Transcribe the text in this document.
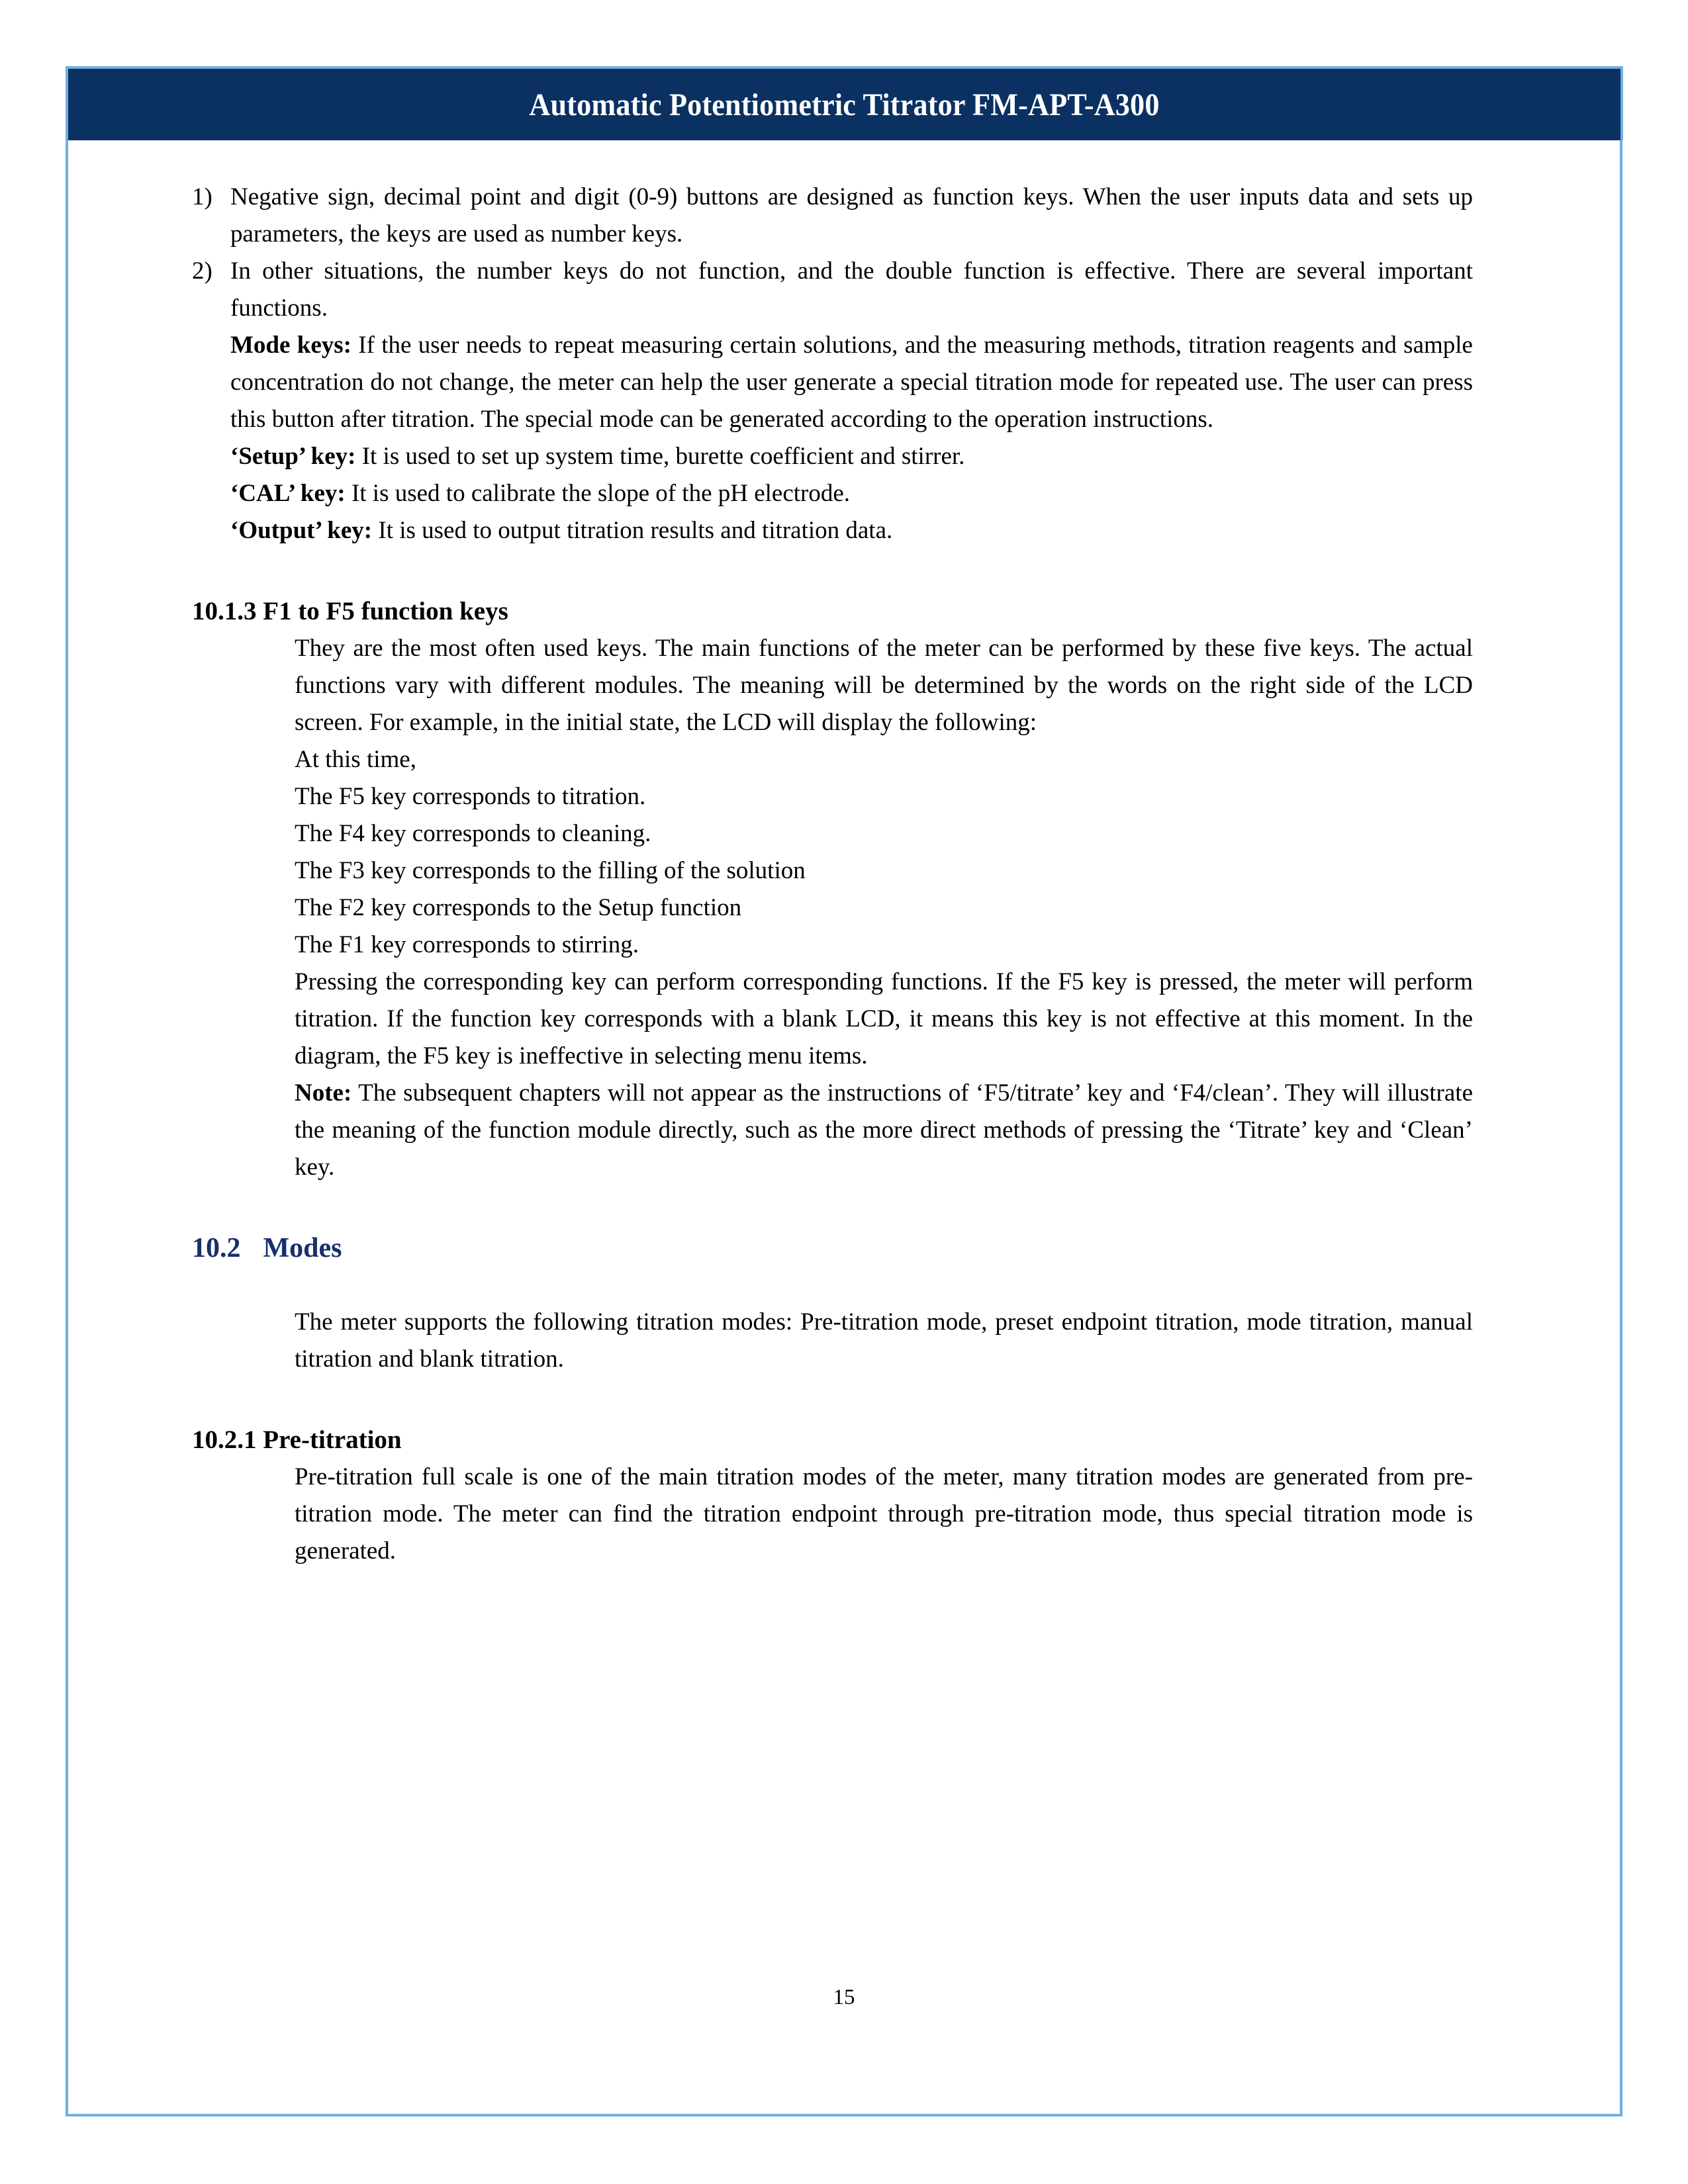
Automatic Potentiometric Titrator FM-APT-A300
1) Negative sign, decimal point and digit (0-9) buttons are designed as function keys. When the user inputs data and sets up parameters, the keys are used as number keys.
2) In other situations, the number keys do not function, and the double function is effective. There are several important functions.

Mode keys: If the user needs to repeat measuring certain solutions, and the measuring methods, titration reagents and sample concentration do not change, the meter can help the user generate a special titration mode for repeated use. The user can press this button after titration. The special mode can be generated according to the operation instructions.

‘Setup’ key: It is used to set up system time, burette coefficient and stirrer.

‘CAL’ key: It is used to calibrate the slope of the pH electrode.

‘Output’ key: It is used to output titration results and titration data.

10.1.3 F1 to F5 function keys

They are the most often used keys. The main functions of the meter can be performed by these five keys. The actual functions vary with different modules. The meaning will be determined by the words on the right side of the LCD screen. For example, in the initial state, the LCD will display the following:

At this time,

The F5 key corresponds to titration.

The F4 key corresponds to cleaning.

The F3 key corresponds to the filling of the solution

The F2 key corresponds to the Setup function

The F1 key corresponds to stirring.

Pressing the corresponding key can perform corresponding functions. If the F5 key is pressed, the meter will perform titration. If the function key corresponds with a blank LCD, it means this key is not effective at this moment. In the diagram, the F5 key is ineffective in selecting menu items.

Note: The subsequent chapters will not appear as the instructions of ‘F5/titrate’ key and ‘F4/clean’. They will illustrate the meaning of the function module directly, such as the more direct methods of pressing the ‘Titrate’ key and ‘Clean’ key.

10.2 Modes

The meter supports the following titration modes: Pre-titration mode, preset endpoint titration, mode titration, manual titration and blank titration.

10.2.1 Pre-titration

Pre-titration full scale is one of the main titration modes of the meter, many titration modes are generated from pre-titration mode. The meter can find the titration endpoint through pre-titration mode, thus special titration mode is generated.

15
